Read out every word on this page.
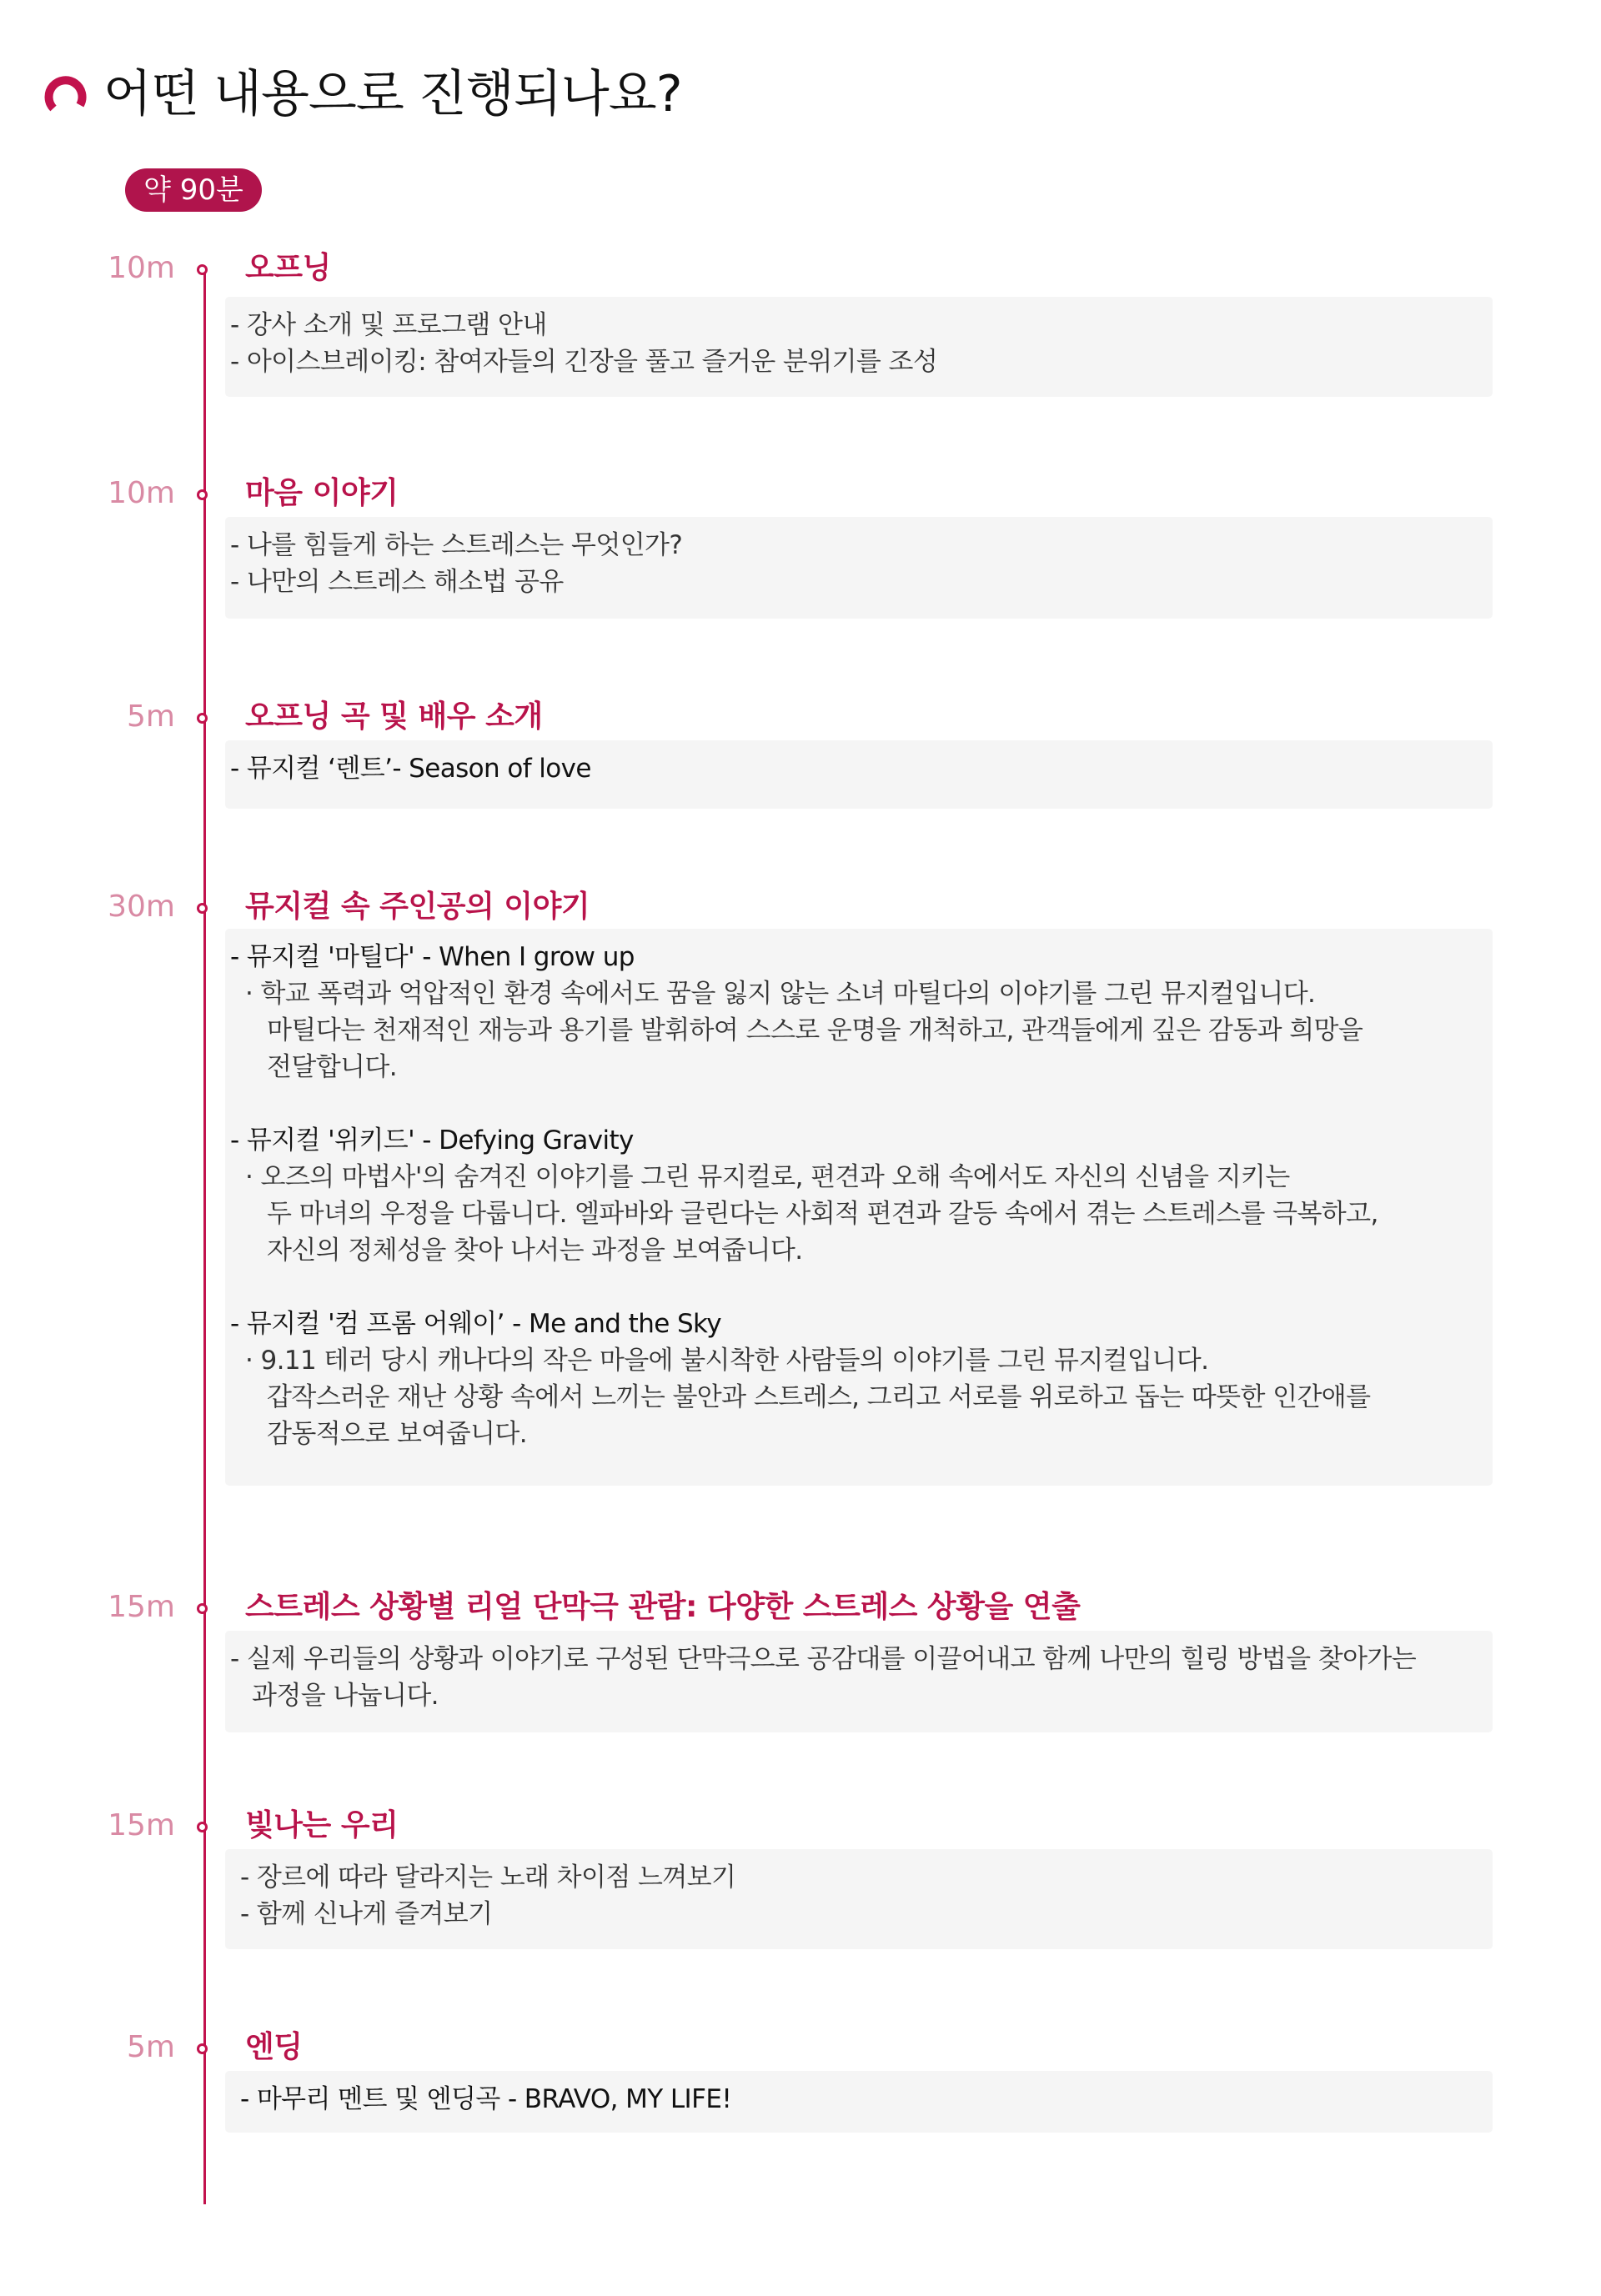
어떤 내용으로 진행되나요?
약 90분
10m 오프닝
- 강사 소개 및 프로그램 안내
- 아이스브레이킹: 참여자들의 긴장을 풀고 즐거운 분위기를 조성
10m 마음 이야기
- 나를 힘들게 하는 스트레스는 무엇인가?
- 나만의 스트레스 해소법 공유
5m 오프닝 곡 및 배우 소개
- 뮤지컬 ‘렌트’- Season of love
30m 뮤지컬 속 주인공의 이야기
- 뮤지컬 '마틸다' - When I grow up
· 학교 폭력과 억압적인 환경 속에서도 꿈을 잃지 않는 소녀 마틸다의 이야기를 그린 뮤지컬입니다.
마틸다는 천재적인 재능과 용기를 발휘하여 스스로 운명을 개척하고, 관객들에게 깊은 감동과 희망을
전달합니다.
- 뮤지컬 '위키드' - Defying Gravity
· 오즈의 마법사'의 숨겨진 이야기를 그린 뮤지컬로, 편견과 오해 속에서도 자신의 신념을 지키는
두 마녀의 우정을 다룹니다. 엘파바와 글린다는 사회적 편견과 갈등 속에서 겪는 스트레스를 극복하고,
자신의 정체성을 찾아 나서는 과정을 보여줍니다.
- 뮤지컬 '컴 프롬 어웨이’ - Me and the Sky
· 9.11 테러 당시 캐나다의 작은 마을에 불시착한 사람들의 이야기를 그린 뮤지컬입니다.
갑작스러운 재난 상황 속에서 느끼는 불안과 스트레스, 그리고 서로를 위로하고 돕는 따뜻한 인간애를
감동적으로 보여줍니다.
15m 스트레스 상황별 리얼 단막극 관람: 다양한 스트레스 상황을 연출
- 실제 우리들의 상황과 이야기로 구성된 단막극으로 공감대를 이끌어내고 함께 나만의 힐링 방법을 찾아가는
과정을 나눕니다.
15m 빛나는 우리
- 장르에 따라 달라지는 노래 차이점 느껴보기
- 함께 신나게 즐겨보기
5m 엔딩
- 마무리 멘트 및 엔딩곡 - BRAVO, MY LIFE!
